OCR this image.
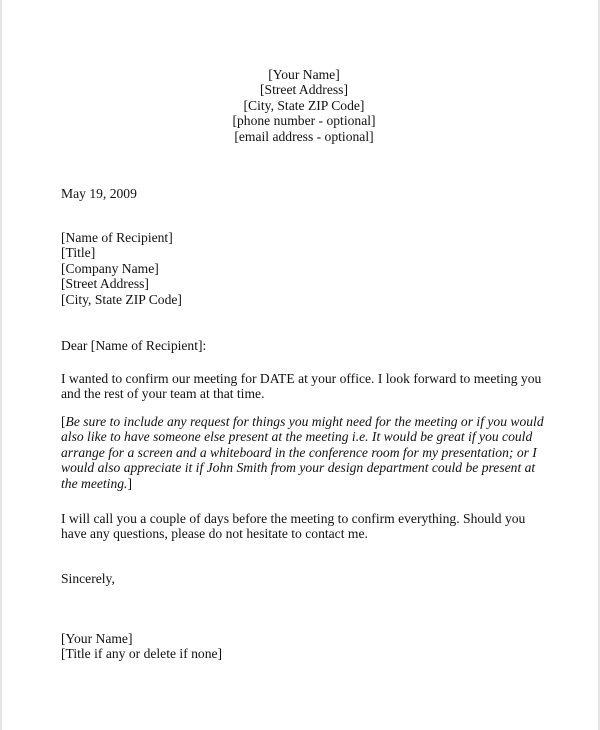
[Your Name]
[Street Address]
[City, State ZIP Code]
[phone number - optional]
[email address - optional]
May 19, 2009
[Name of Recipient]
[Title]
[Company Name]
[Street Address]
[City, State ZIP Code]
Dear [Name of Recipient]:
I wanted to confirm our meeting for DATE at your office. I look forward to meeting you
and the rest of your team at that time.
[Be sure to include any request for things you might need for the meeting or if you would
also like to have someone else present at the meeting i.e. It would be great if you could
arrange for a screen and a whiteboard in the conference room for my presentation; or I
would also appreciate it if John Smith from your design department could be present at
the meeting.]
I will call you a couple of days before the meeting to confirm everything. Should you
have any questions, please do not hesitate to contact me.
Sincerely,
[Your Name]
[Title if any or delete if none]
